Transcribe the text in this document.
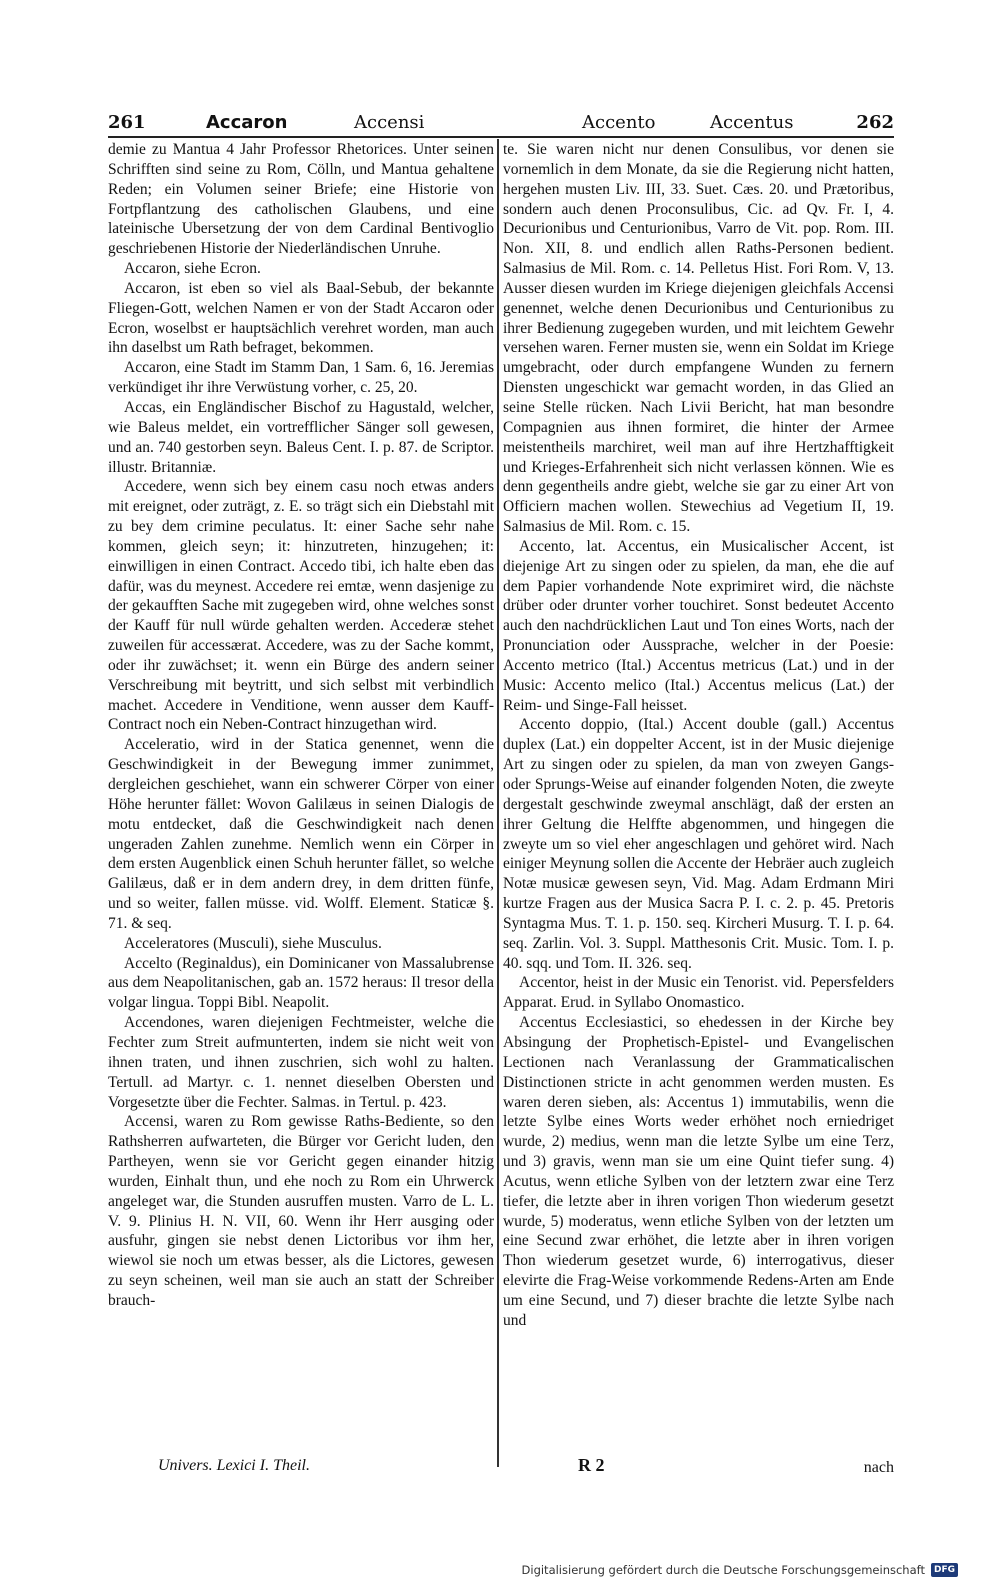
261	Accaron	Accensi	Accento	Accentus	262

demie zu Mantua 4 Jahr Professor Rhetorices. Unter seinen Schrifften sind seine zu Rom, Cölln, und Mantua gehaltene Reden; ein Volumen seiner Briefe; eine Historie von Fortpflantzung des catholischen Glaubens, und eine lateinische Ubersetzung der von dem Cardinal Bentivoglio geschriebenen Historie der Niederländischen Unruhe.

Accaron, siehe Ecron.

Accaron, ist eben so viel als Baal-Sebub, der bekannte Fliegen-Gott, welchen Namen er von der Stadt Accaron oder Ecron, woselbst er hauptsächlich verehret worden, man auch ihn daselbst um Rath befraget, bekommen.

Accaron, eine Stadt im Stamm Dan, 1 Sam. 6, 16. Jeremias verkündiget ihr ihre Verwüstung vorher, c. 25, 20.

Accas, ein Engländischer Bischof zu Hagustald, welcher, wie Baleus meldet, ein vortrefflicher Sänger soll gewesen, und an. 740 gestorben seyn. Baleus Cent. I. p. 87. de Scriptor. illustr. Britanniæ.

Accedere, wenn sich bey einem casu noch etwas anders mit ereignet, oder zuträgt, z. E. so trägt sich ein Diebstahl mit zu bey dem crimine peculatus. It: einer Sache sehr nahe kommen, gleich seyn; it: hinzutreten, hinzugehen; it: einwilligen in einen Contract. Accedo tibi, ich halte eben das dafür, was du meynest. Accedere rei emtæ, wenn dasjenige zu der gekaufften Sache mit zugegeben wird, ohne welches sonst der Kauff für null würde gehalten werden. Accederæ stehet zuweilen für accessærat. Accedere, was zu der Sache kommt, oder ihr zuwächset; it. wenn ein Bürge des andern seiner Verschreibung mit beytritt, und sich selbst mit verbindlich machet. Accedere in Venditione, wenn ausser dem Kauff-Contract noch ein Neben-Contract hinzugethan wird.

Acceleratio, wird in der Statica genennet, wenn die Geschwindigkeit in der Bewegung immer zunimmet, dergleichen geschiehet, wann ein schwerer Cörper von einer Höhe herunter fället: Wovon Galilæus in seinen Dialogis de motu entdecket, daß die Geschwindigkeit nach denen ungeraden Zahlen zunehme. Nemlich wenn ein Cörper in dem ersten Augenblick einen Schuh herunter fället, so welche Galilæus, daß er in dem andern drey, in dem dritten fünfe, und so weiter, fallen müsse. vid. Wolff. Element. Staticæ §. 71. & seq.

Acceleratores (Musculi), siehe Musculus.

Accelto (Reginaldus), ein Dominicaner von Massalubrense aus dem Neapolitanischen, gab an. 1572 heraus: Il tresor della volgar lingua. Toppi Bibl. Neapolit.

Accendones, waren diejenigen Fechtmeister, welche die Fechter zum Streit aufmunterten, indem sie nicht weit von ihnen traten, und ihnen zuschrien, sich wohl zu halten. Tertull. ad Martyr. c. 1. nennet dieselben Obersten und Vorgesetzte über die Fechter. Salmas. in Tertul. p. 423.

Accensi, waren zu Rom gewisse Raths-Bediente, so den Rathsherren aufwarteten, die Bürger vor Gericht luden, den Partheyen, wenn sie vor Gericht gegen einander hitzig wurden, Einhalt thun, und ehe noch zu Rom ein Uhrwerck angeleget war, die Stunden ausruffen musten. Varro de L. L. V. 9. Plinius H. N. VII, 60. Wenn ihr Herr ausging oder ausfuhr, gingen sie nebst denen Lictoribus vor ihm her, wiewol sie noch um etwas besser, als die Lictores, gewesen zu seyn scheinen, weil man sie auch an statt der Schreiber brauch-

te. Sie waren nicht nur denen Consulibus, vor denen sie vornemlich in dem Monate, da sie die Regierung nicht hatten, hergehen musten Liv. III, 33. Suet. Cæs. 20. und Prætoribus, sondern auch denen Proconsulibus, Cic. ad Qv. Fr. I, 4. Decurionibus und Centurionibus, Varro de Vit. pop. Rom. III. Non. XII, 8. und endlich allen Raths-Personen bedient. Salmasius de Mil. Rom. c. 14. Pelletus Hist. Fori Rom. V, 13. Ausser diesen wurden im Kriege diejenigen gleichfals Accensi genennet, welche denen Decurionibus und Centurionibus zu ihrer Bedienung zugegeben wurden, und mit leichtem Gewehr versehen waren. Ferner musten sie, wenn ein Soldat im Kriege umgebracht, oder durch empfangene Wunden zu fernern Diensten ungeschickt war gemacht worden, in das Glied an seine Stelle rücken. Nach Livii Bericht, hat man besondre Compagnien aus ihnen formiret, die hinter der Armee meistentheils marchiret, weil man auf ihre Hertzhafftigkeit und Krieges-Erfahrenheit sich nicht verlassen können. Wie es denn gegentheils andre giebt, welche sie gar zu einer Art von Officiern machen wollen. Stewechius ad Vegetium II, 19. Salmasius de Mil. Rom. c. 15.

Accento, lat. Accentus, ein Musicalischer Accent, ist diejenige Art zu singen oder zu spielen, da man, ehe die auf dem Papier vorhandende Note exprimiret wird, die nächste drüber oder drunter vorher touchiret. Sonst bedeutet Accento auch den nachdrücklichen Laut und Ton eines Worts, nach der Pronunciation oder Aussprache, welcher in der Poesie: Accento metrico (Ital.) Accentus metricus (Lat.) und in der Music: Accento melico (Ital.) Accentus melicus (Lat.) der Reim- und Singe-Fall heisset.

Accento doppio, (Ital.) Accent double (gall.) Accentus duplex (Lat.) ein doppelter Accent, ist in der Music diejenige Art zu singen oder zu spielen, da man von zweyen Gangs- oder Sprungs-Weise auf einander folgenden Noten, die zweyte dergestalt geschwinde zweymal anschlägt, daß der ersten an ihrer Geltung die Helffte abgenommen, und hingegen die zweyte um so viel eher angeschlagen und gehöret wird. Nach einiger Meynung sollen die Accente der Hebräer auch zugleich Notæ musicæ gewesen seyn, Vid. Mag. Adam Erdmann Miri kurtze Fragen aus der Musica Sacra P. I. c. 2. p. 45. Pretoris Syntagma Mus. T. 1. p. 150. seq. Kircheri Musurg. T. I. p. 64. seq. Zarlin. Vol. 3. Suppl. Matthesonis Crit. Music. Tom. I. p. 40. sqq. und Tom. II. 326. seq.

Accentor, heist in der Music ein Tenorist. vid. Pepersfelders Apparat. Erud. in Syllabo Onomastico.

Accentus Ecclesiastici, so ehedessen in der Kirche bey Absingung der Prophetisch-Epistel- und Evangelischen Lectionen nach Veranlassung der Grammaticalischen Distinctionen stricte in acht genommen werden musten. Es waren deren sieben, als: Accentus 1) immutabilis, wenn die letzte Sylbe eines Worts weder erhöhet noch erniedriget wurde, 2) medius, wenn man die letzte Sylbe um eine Terz, und 3) gravis, wenn man sie um eine Quint tiefer sung. 4) Acutus, wenn etliche Sylben von der letztern zwar eine Terz tiefer, die letzte aber in ihren vorigen Thon wiederum gesetzt wurde, 5) moderatus, wenn etliche Sylben von der letzten um eine Secund zwar erhöhet, die letzte aber in ihren vorigen Thon wiederum gesetzet wurde, 6) interrogativus, dieser elevirte die Frag-Weise vorkommende Redens-Arten am Ende um eine Secund, und 7) dieser brachte die letzte Sylbe nach und

Univers. Lexici I. Theil.	R 2	nach
Digitalisierung gefördert durch die Deutsche Forschungsgemeinschaft	DFG
